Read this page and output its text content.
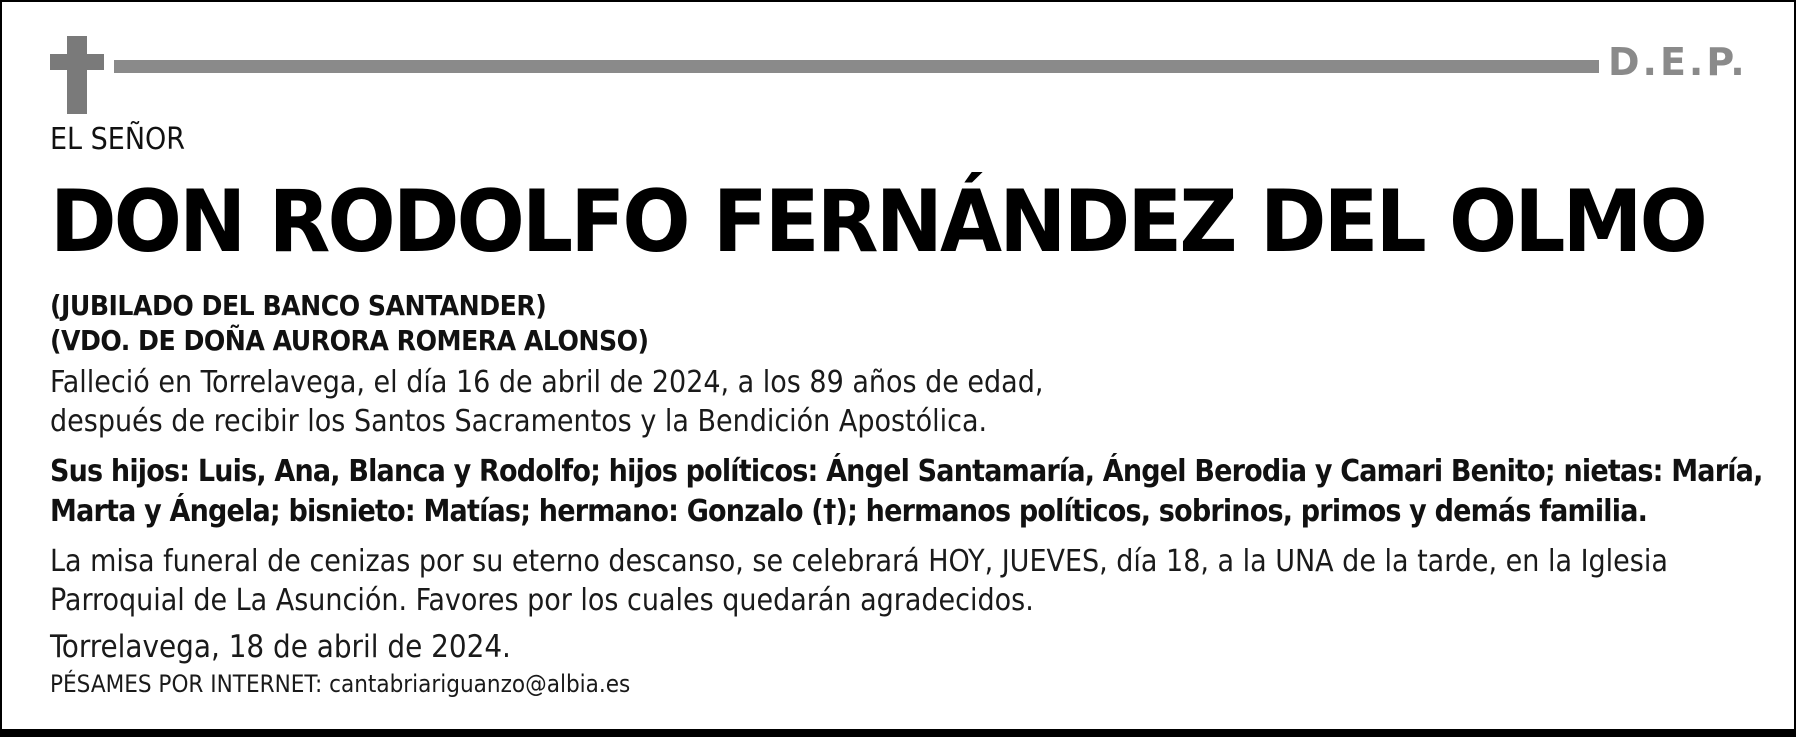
D.E.P.
EL SEÑOR
DON RODOLFO FERNÁNDEZ DEL OLMO
(JUBILADO DEL BANCO SANTANDER)
(VDO. DE DOÑA AURORA ROMERA ALONSO)
Falleció en Torrelavega, el día 16 de abril de 2024, a los 89 años de edad,
después de recibir los Santos Sacramentos y la Bendición Apostólica.
Sus hijos: Luis, Ana, Blanca y Rodolfo; hijos políticos: Ángel Santamaría, Ángel Berodia y Camari Benito; nietas: María,
Marta y Ángela; bisnieto: Matías; hermano: Gonzalo (†); hermanos políticos, sobrinos, primos y demás familia.
La misa funeral de cenizas por su eterno descanso, se celebrará HOY, JUEVES, día 18, a la UNA de la tarde, en la Iglesia
Parroquial de La Asunción. Favores por los cuales quedarán agradecidos.
Torrelavega, 18 de abril de 2024.
PÉSAMES POR INTERNET: cantabriariguanzo@albia.es
